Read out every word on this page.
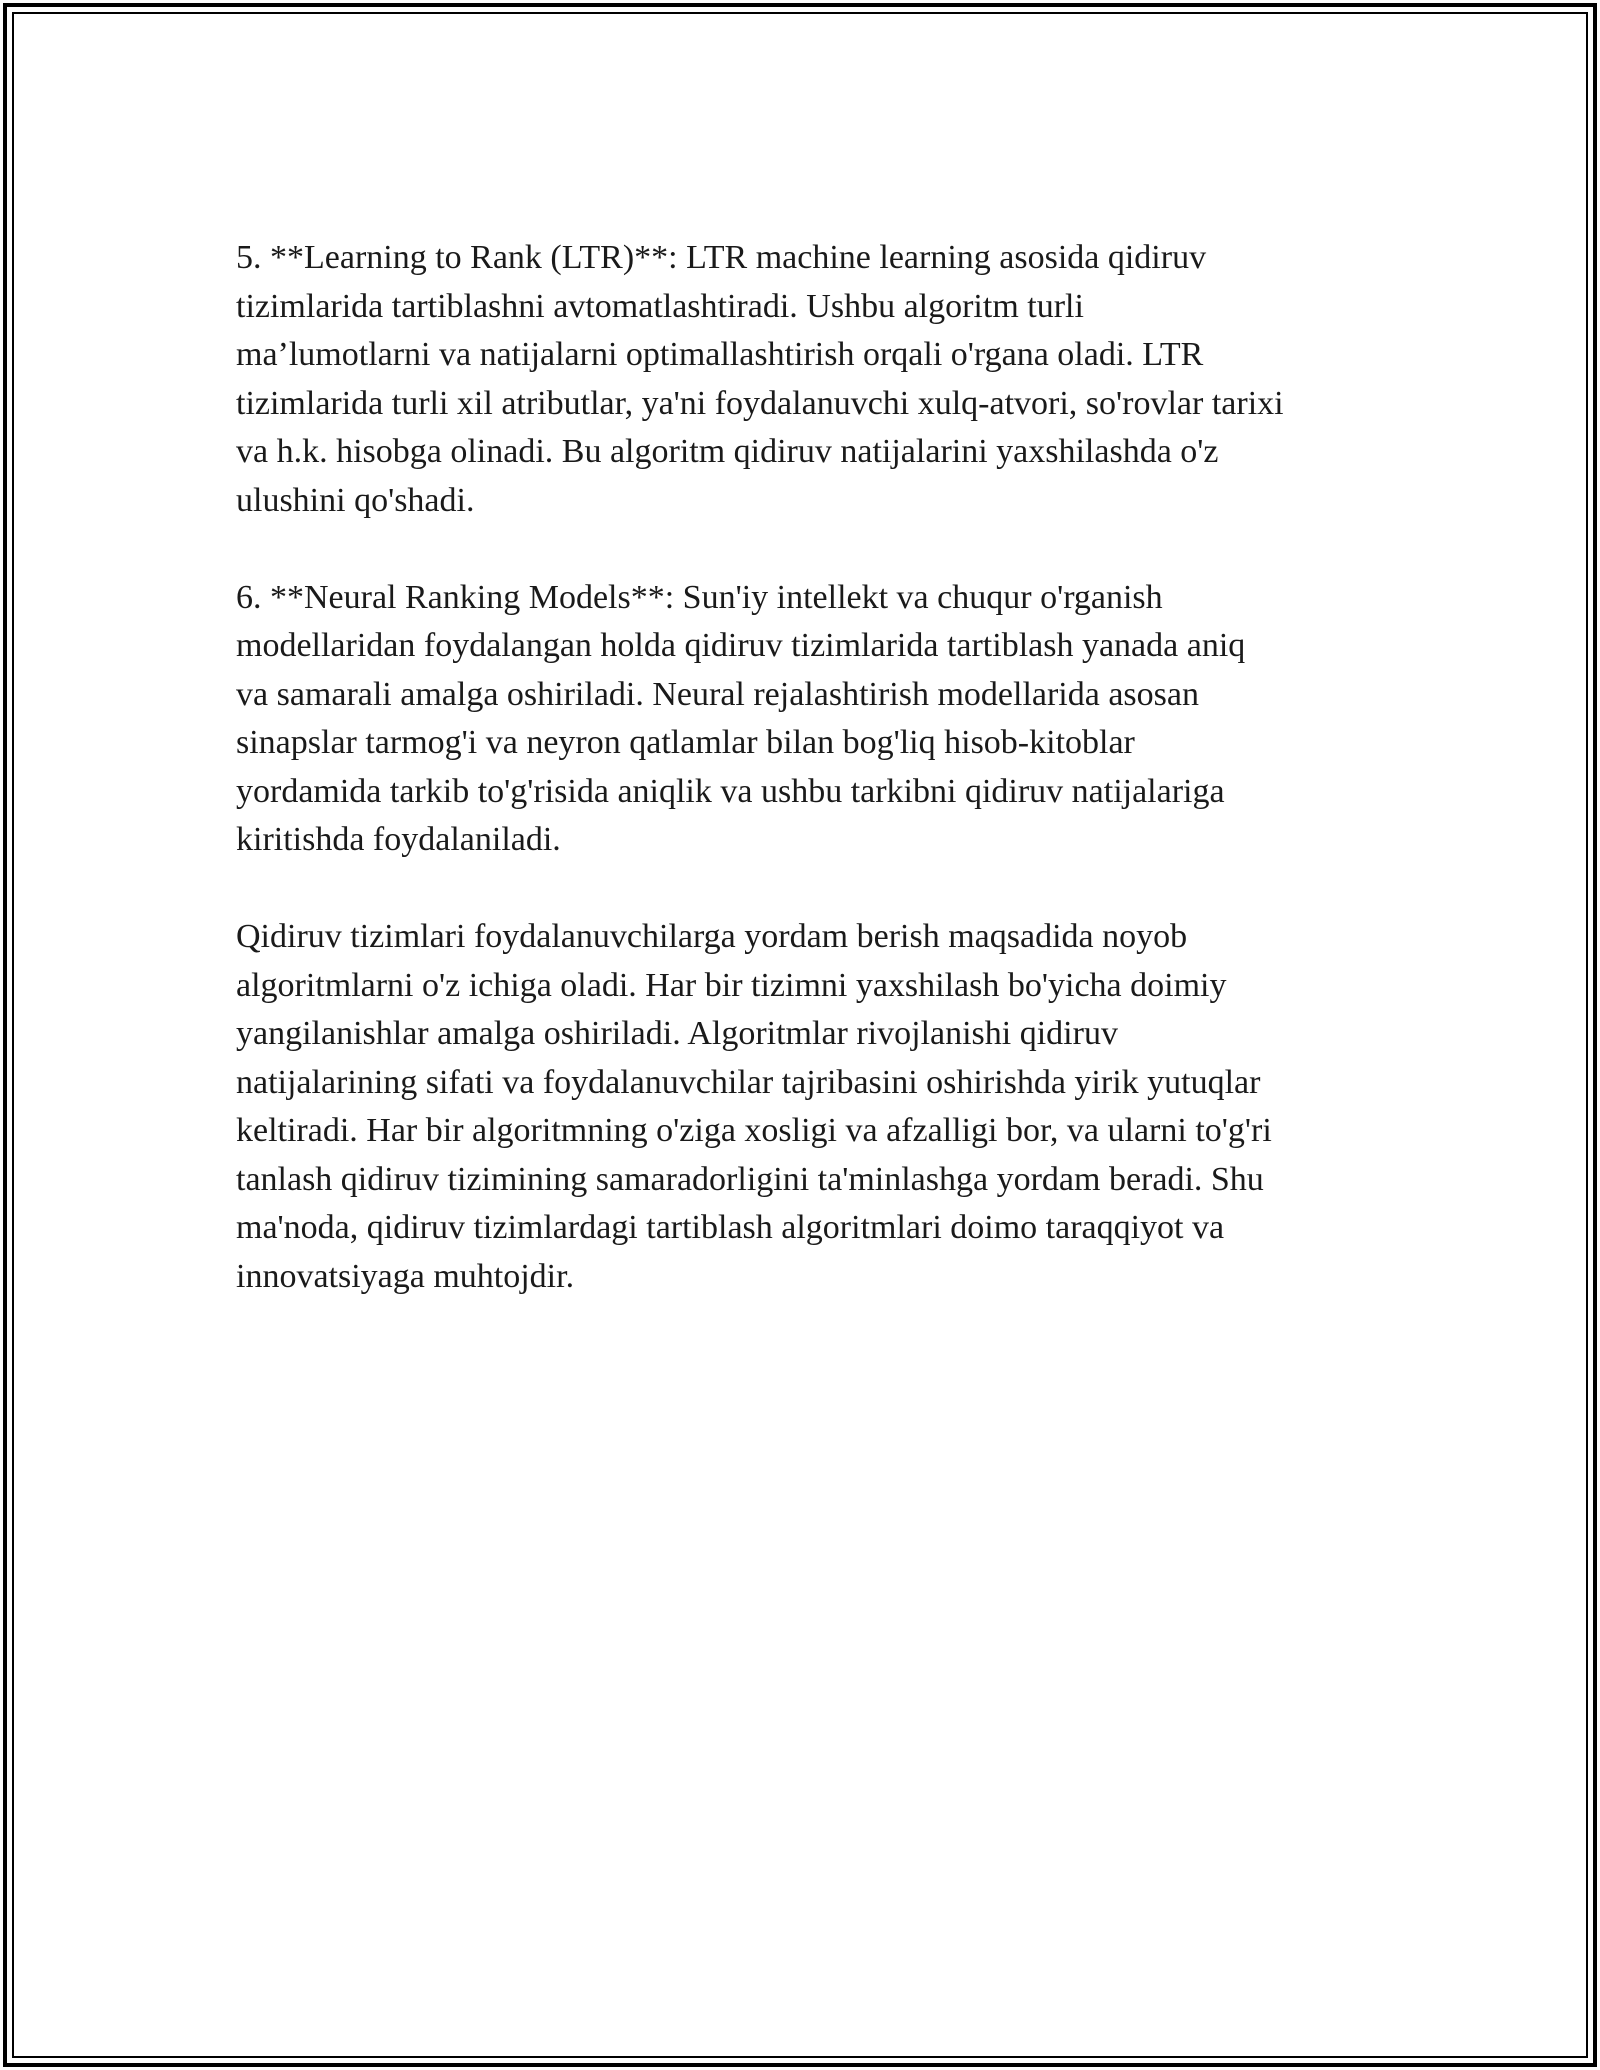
5. **Learning to Rank (LTR)**: LTR machine learning asosida qidiruv
tizimlarida tartiblashni avtomatlashtiradi. Ushbu algoritm turli
ma’lumotlarni va natijalarni optimallashtirish orqali o'rgana oladi. LTR
tizimlarida turli xil atributlar, ya'ni foydalanuvchi xulq-atvori, so'rovlar tarixi
va h.k. hisobga olinadi. Bu algoritm qidiruv natijalarini yaxshilashda o'z
ulushini qo'shadi.

6. **Neural Ranking Models**: Sun'iy intellekt va chuqur o'rganish
modellaridan foydalangan holda qidiruv tizimlarida tartiblash yanada aniq
va samarali amalga oshiriladi. Neural rejalashtirish modellarida asosan
sinapslar tarmog'i va neyron qatlamlar bilan bog'liq hisob-kitoblar
yordamida tarkib to'g'risida aniqlik va ushbu tarkibni qidiruv natijalariga
kiritishda foydalaniladi.

Qidiruv tizimlari foydalanuvchilarga yordam berish maqsadida noyob
algoritmlarni o'z ichiga oladi. Har bir tizimni yaxshilash bo'yicha doimiy
yangilanishlar amalga oshiriladi. Algoritmlar rivojlanishi qidiruv
natijalarining sifati va foydalanuvchilar tajribasini oshirishda yirik yutuqlar
keltiradi. Har bir algoritmning o'ziga xosligi va afzalligi bor, va ularni to'g'ri
tanlash qidiruv tizimining samaradorligini ta'minlashga yordam beradi. Shu
ma'noda, qidiruv tizimlardagi tartiblash algoritmlari doimo taraqqiyot va
innovatsiyaga muhtojdir.
